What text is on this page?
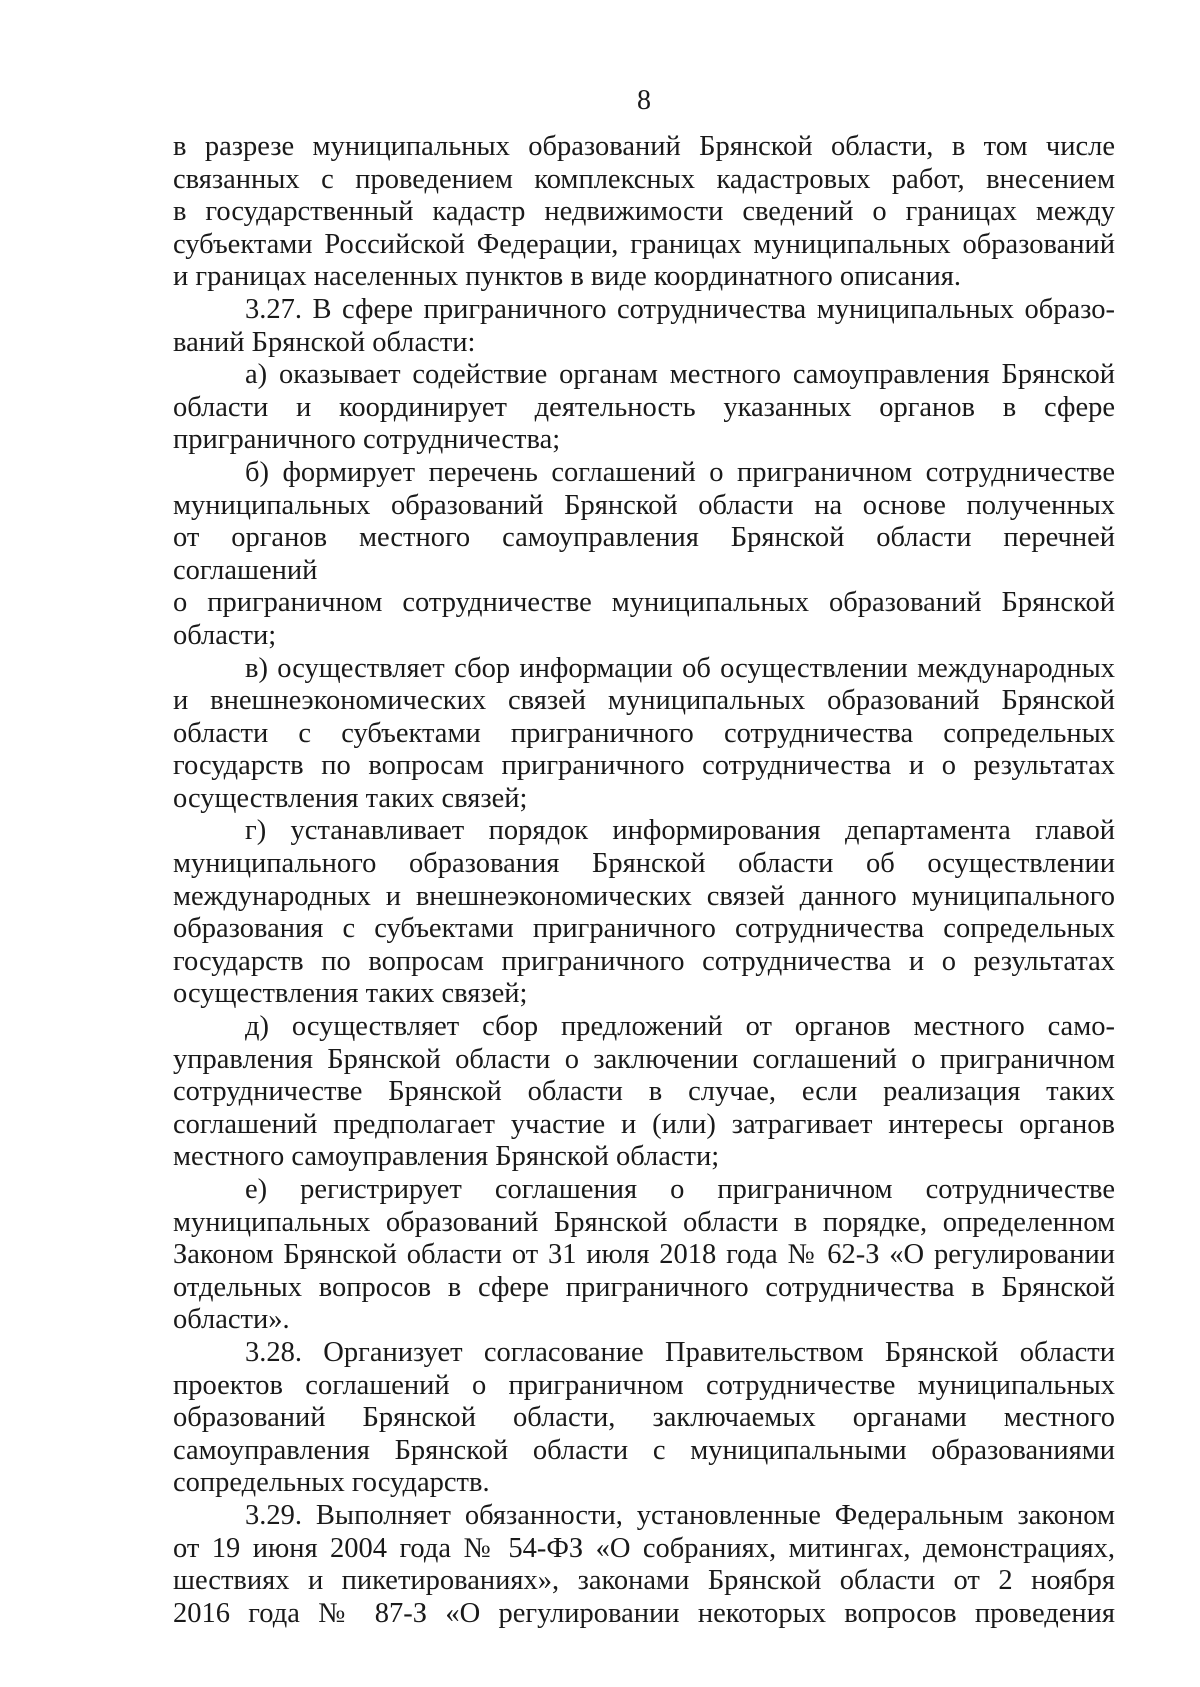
8
в разрезе муниципальных образований Брянской области, в том числе
связанных с проведением комплексных кадастровых работ, внесением
в государственный кадастр недвижимости сведений о границах между
субъектами Российской Федерации, границах муниципальных образований
и границах населенных пунктов в виде координатного описания.
3.27. В сфере приграничного сотрудничества муниципальных образо-
ваний Брянской области:
а) оказывает содействие органам местного самоуправления Брянской
области и координирует деятельность указанных органов в сфере
приграничного сотрудничества;
б) формирует перечень соглашений о приграничном сотрудничестве
муниципальных образований Брянской области на основе полученных
от органов местного самоуправления Брянской области перечней соглашений
о приграничном сотрудничестве муниципальных образований Брянской
области;
в) осуществляет сбор информации об осуществлении международных
и внешнеэкономических связей муниципальных образований Брянской
области с субъектами приграничного сотрудничества сопредельных
государств по вопросам приграничного сотрудничества и о результатах
осуществления таких связей;
г) устанавливает порядок информирования департамента главой
муниципального образования Брянской области об осуществлении
международных и внешнеэкономических связей данного муниципального
образования с субъектами приграничного сотрудничества сопредельных
государств по вопросам приграничного сотрудничества и о результатах
осуществления таких связей;
д) осуществляет сбор предложений от органов местного само-
управления Брянской области о заключении соглашений о приграничном
сотрудничестве Брянской области в случае, если реализация таких
соглашений предполагает участие и (или) затрагивает интересы органов
местного самоуправления Брянской области;
е) регистрирует соглашения о приграничном сотрудничестве
муниципальных образований Брянской области в порядке, определенном
Законом Брянской области от 31 июля 2018 года № 62-З «О регулировании
отдельных вопросов в сфере приграничного сотрудничества в Брянской
области».
3.28. Организует согласование Правительством Брянской области
проектов соглашений о приграничном сотрудничестве муниципальных
образований Брянской области, заключаемых органами местного
самоуправления Брянской области с муниципальными образованиями
сопредельных государств.
3.29. Выполняет обязанности, установленные Федеральным законом
от 19 июня 2004 года № 54-ФЗ «О собраниях, митингах, демонстрациях,
шествиях и пикетированиях», законами Брянской области от 2 ноября
2016 года № 87-З «О регулировании некоторых вопросов проведения
